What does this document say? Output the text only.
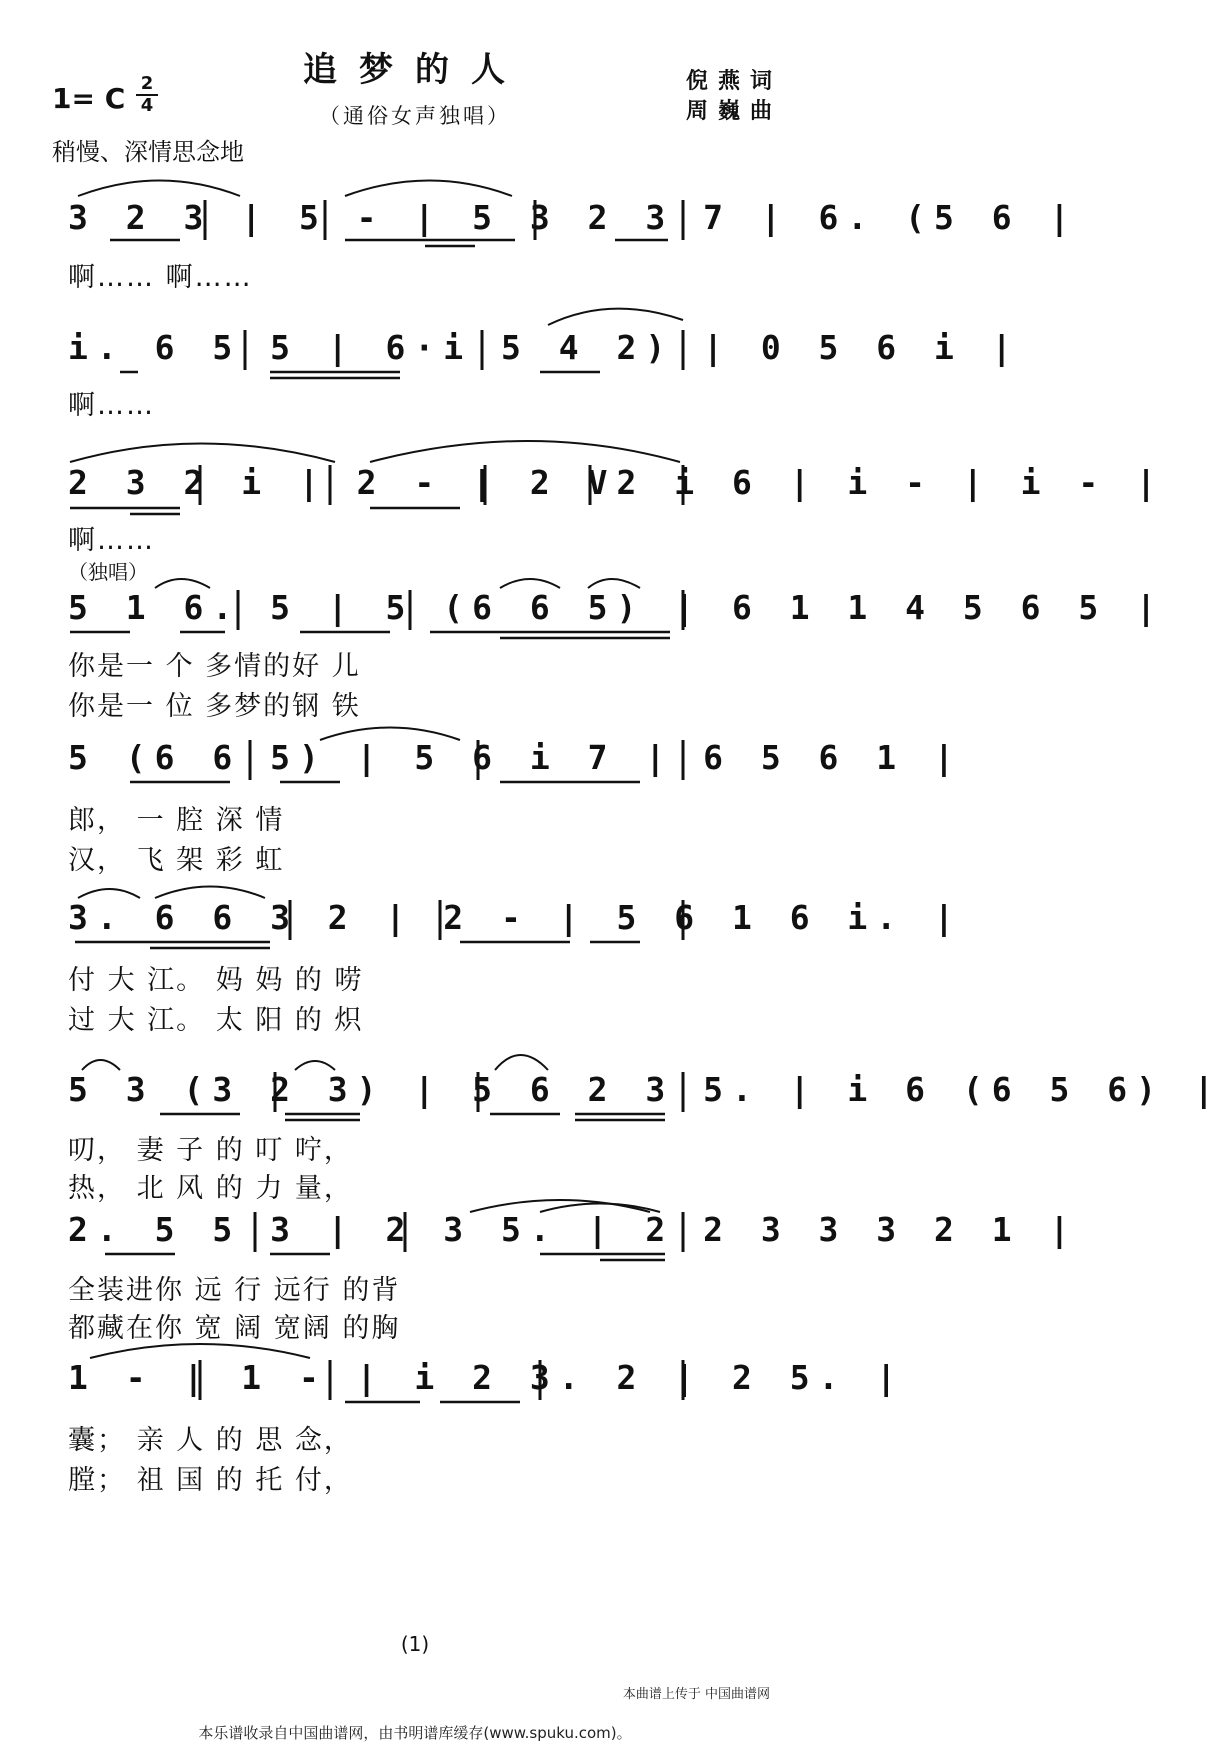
追梦的人
（通俗女声独唱）
倪燕词
周巍曲
1= C 2
4
稍慢、深情思念地
3 2 3 | 5 - | 5 3 2 3 7 | 6. (5 6 |
啊…… 啊……
i. 6 5 5 | 6·i 5 4 2) | 0 5 6 i |
啊……
2 3 2 i | 2 - | 2 V2 i 6 | i - | i - |
啊……
（独唱）
5 1 6. 5 | 5 (6 6 5) | 6 1 1 4 5 6 5 |
你是一 个 多情的好 儿
你是一 位 多梦的钢 铁
5 (6 6 5) | 5 6 i 7 | 6 5 6 1 |
郎， 一 腔 深 情
汉， 飞 架 彩 虹
3. 6 6 3 2 | 2 - | 5 6 1 6 i. |
付 大 江。 妈 妈 的 唠
过 大 江。 太 阳 的 炽
5 3 (3 2 3) | 5 6 2 3 5. | i 6 (6 5 6) |
叨， 妻 子 的 叮 咛，
热， 北 风 的 力 量，
2. 5 5 3 | 2 3 5. | 2 2 3 3 3 2 1 |
全装进你 远 行 远行 的背
都藏在你 宽 阔 宽阔 的胸
1 - | 1 - | i 2 3. 2 | 2 5. |
囊； 亲 人 的 思 念，
膛； 祖 国 的 托 付，
(1)
本曲谱上传于 中国曲谱网
本乐谱收录自中国曲谱网，由书明谱库缓存(www.spuku.com)。
